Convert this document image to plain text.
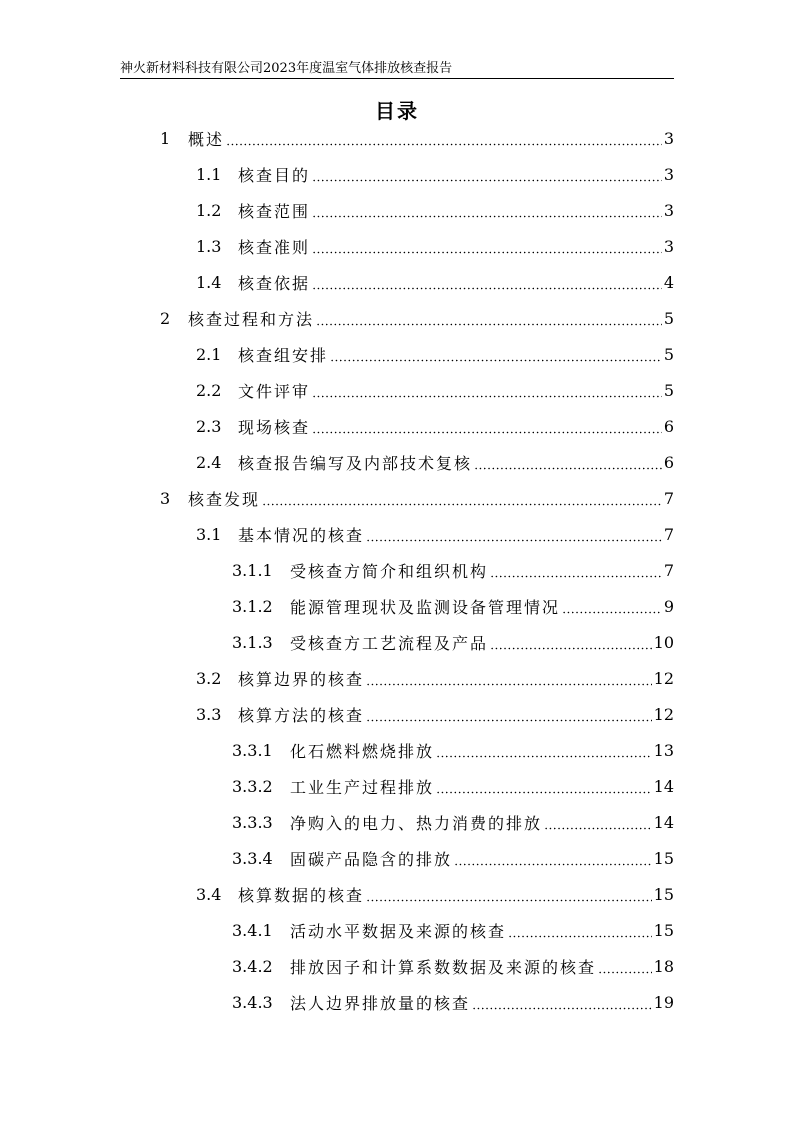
神火新材料科技有限公司2023年度温室气体排放核查报告
目录
1	概述	3
1.1	核查目的	3
1.2	核查范围	3
1.3	核查准则	3
1.4	核查依据	4
2	核查过程和方法	5
2.1	核查组安排	5
2.2	文件评审	5
2.3	现场核查	6
2.4	核查报告编写及内部技术复核	6
3	核查发现	7
3.1	基本情况的核查	7
3.1.1	受核查方简介和组织机构	7
3.1.2	能源管理现状及监测设备管理情况	9
3.1.3	受核查方工艺流程及产品	10
3.2	核算边界的核查	12
3.3	核算方法的核查	12
3.3.1	化石燃料燃烧排放	13
3.3.2	工业生产过程排放	14
3.3.3	净购入的电力、热力消费的排放	14
3.3.4	固碳产品隐含的排放	15
3.4	核算数据的核查	15
3.4.1	活动水平数据及来源的核查	15
3.4.2	排放因子和计算系数数据及来源的核查	18
3.4.3	法人边界排放量的核查	19
